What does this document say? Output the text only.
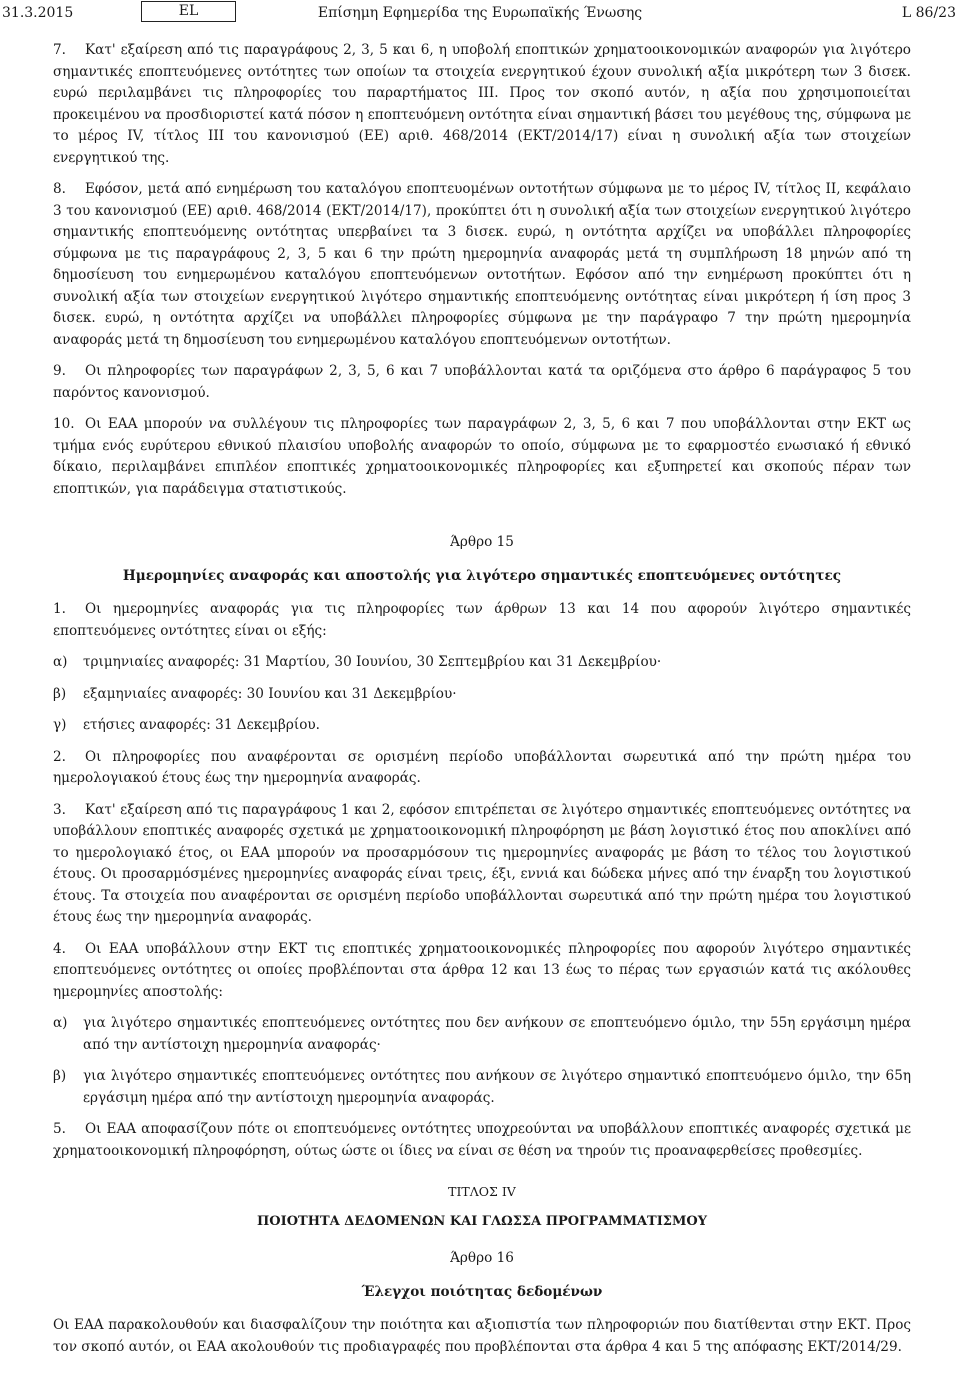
31.3.2015	EL	Επίσημη Εφημερίδα της Ευρωπαϊκής Ένωσης	L 86/23

7. Κατ' εξαίρεση από τις παραγράφους 2, 3, 5 και 6, η υποβολή εποπτικών χρηματοοικονομικών αναφορών για λιγότερο σημαντικές εποπτευόμενες οντότητες των οποίων τα στοιχεία ενεργητικού έχουν συνολική αξία μικρότερη των 3 δισεκ. ευρώ περιλαμβάνει τις πληροφορίες του παραρτήματος III. Προς τον σκοπό αυτόν, η αξία που χρησιμοποιείται προκειμένου να προσδιοριστεί κατά πόσον η εποπτευόμενη οντότητα είναι σημαντική βάσει του μεγέθους της, σύμφωνα με το μέρος IV, τίτλος III του κανονισμού (ΕΕ) αριθ. 468/2014 (ΕΚΤ/2014/17) είναι η συνολική αξία των στοιχείων ενεργητικού της.

8. Εφόσον, μετά από ενημέρωση του καταλόγου εποπτευομένων οντοτήτων σύμφωνα με το μέρος IV, τίτλος II, κεφάλαιο 3 του κανονισμού (ΕΕ) αριθ. 468/2014 (ΕΚΤ/2014/17), προκύπτει ότι η συνολική αξία των στοιχείων ενεργητικού λιγότερο σημαντικής εποπτευόμενης οντότητας υπερβαίνει τα 3 δισεκ. ευρώ, η οντότητα αρχίζει να υποβάλλει πληροφορίες σύμφωνα με τις παραγράφους 2, 3, 5 και 6 την πρώτη ημερομηνία αναφοράς μετά τη συμπλήρωση 18 μηνών από τη δημοσίευση του ενημερωμένου καταλόγου εποπτευόμενων οντοτήτων. Εφόσον από την ενημέρωση προκύπτει ότι η συνολική αξία των στοιχείων ενεργητικού λιγότερο σημαντικής εποπτευόμενης οντότητας είναι μικρότερη ή ίση προς 3 δισεκ. ευρώ, η οντότητα αρχίζει να υποβάλλει πληροφορίες σύμφωνα με την παράγραφο 7 την πρώτη ημερομηνία αναφοράς μετά τη δημοσίευση του ενημερωμένου καταλόγου εποπτευόμενων οντοτήτων.

9. Οι πληροφορίες των παραγράφων 2, 3, 5, 6 και 7 υποβάλλονται κατά τα οριζόμενα στο άρθρο 6 παράγραφος 5 του παρόντος κανονισμού.

10. Οι ΕΑΑ μπορούν να συλλέγουν τις πληροφορίες των παραγράφων 2, 3, 5, 6 και 7 που υποβάλλονται στην ΕΚΤ ως τμήμα ενός ευρύτερου εθνικού πλαισίου υποβολής αναφορών το οποίο, σύμφωνα με το εφαρμοστέο ενωσιακό ή εθνικό δίκαιο, περιλαμβάνει επιπλέον εποπτικές χρηματοοικονομικές πληροφορίες και εξυπηρετεί και σκοπούς πέραν των εποπτικών, για παράδειγμα στατιστικούς.

Άρθρο 15

Ημερομηνίες αναφοράς και αποστολής για λιγότερο σημαντικές εποπτευόμενες οντότητες

1. Οι ημερομηνίες αναφοράς για τις πληροφορίες των άρθρων 13 και 14 που αφορούν λιγότερο σημαντικές εποπτευόμενες οντότητες είναι οι εξής:

α)	τριμηνιαίες αναφορές: 31 Μαρτίου, 30 Ιουνίου, 30 Σεπτεμβρίου και 31 Δεκεμβρίου·
β)	εξαμηνιαίες αναφορές: 30 Ιουνίου και 31 Δεκεμβρίου·
γ)	ετήσιες αναφορές: 31 Δεκεμβρίου.

2. Οι πληροφορίες που αναφέρονται σε ορισμένη περίοδο υποβάλλονται σωρευτικά από την πρώτη ημέρα του ημερολογιακού έτους έως την ημερομηνία αναφοράς.

3. Κατ' εξαίρεση από τις παραγράφους 1 και 2, εφόσον επιτρέπεται σε λιγότερο σημαντικές εποπτευόμενες οντότητες να υποβάλλουν εποπτικές αναφορές σχετικά με χρηματοοικονομική πληροφόρηση με βάση λογιστικό έτος που αποκλίνει από το ημερολογιακό έτος, οι ΕΑΑ μπορούν να προσαρμόσουν τις ημερομηνίες αναφοράς με βάση το τέλος του λογιστικού έτους. Οι προσαρμόσμένες ημερομηνίες αναφοράς είναι τρεις, έξι, εννιά και δώδεκα μήνες από την έναρξη του λογιστικού έτους. Τα στοιχεία που αναφέρονται σε ορισμένη περίοδο υποβάλλονται σωρευτικά από την πρώτη ημέρα του λογιστικού έτους έως την ημερομηνία αναφοράς.

4. Οι ΕΑΑ υποβάλλουν στην ΕΚΤ τις εποπτικές χρηματοοικονομικές πληροφορίες που αφορούν λιγότερο σημαντικές εποπτευόμενες οντότητες οι οποίες προβλέπονται στα άρθρα 12 και 13 έως το πέρας των εργασιών κατά τις ακόλουθες ημερομηνίες αποστολής:

α)	για λιγότερο σημαντικές εποπτευόμενες οντότητες που δεν ανήκουν σε εποπτευόμενο όμιλο, την 55η εργάσιμη ημέρα από την αντίστοιχη ημερομηνία αναφοράς·
β)	για λιγότερο σημαντικές εποπτευόμενες οντότητες που ανήκουν σε λιγότερο σημαντικό εποπτευόμενο όμιλο, την 65η εργάσιμη ημέρα από την αντίστοιχη ημερομηνία αναφοράς.

5. Οι ΕΑΑ αποφασίζουν πότε οι εποπτευόμενες οντότητες υποχρεούνται να υποβάλλουν εποπτικές αναφορές σχετικά με χρηματοοικονομική πληροφόρηση, ούτως ώστε οι ίδιες να είναι σε θέση να τηρούν τις προαναφερθείσες προθεσμίες.

ΤΙΤΛΟΣ IV

ΠΟΙΟΤΗΤΑ ΔΕΔΟΜΕΝΩΝ ΚΑΙ ΓΛΩΣΣΑ ΠΡΟΓΡΑΜΜΑΤΙΣΜΟΥ

Άρθρο 16

Έλεγχοι ποιότητας δεδομένων

Οι ΕΑΑ παρακολουθούν και διασφαλίζουν την ποιότητα και αξιοπιστία των πληροφοριών που διατίθενται στην ΕΚΤ. Προς τον σκοπό αυτόν, οι ΕΑΑ ακολουθούν τις προδιαγραφές που προβλέπονται στα άρθρα 4 και 5 της απόφασης ΕΚΤ/2014/29.
